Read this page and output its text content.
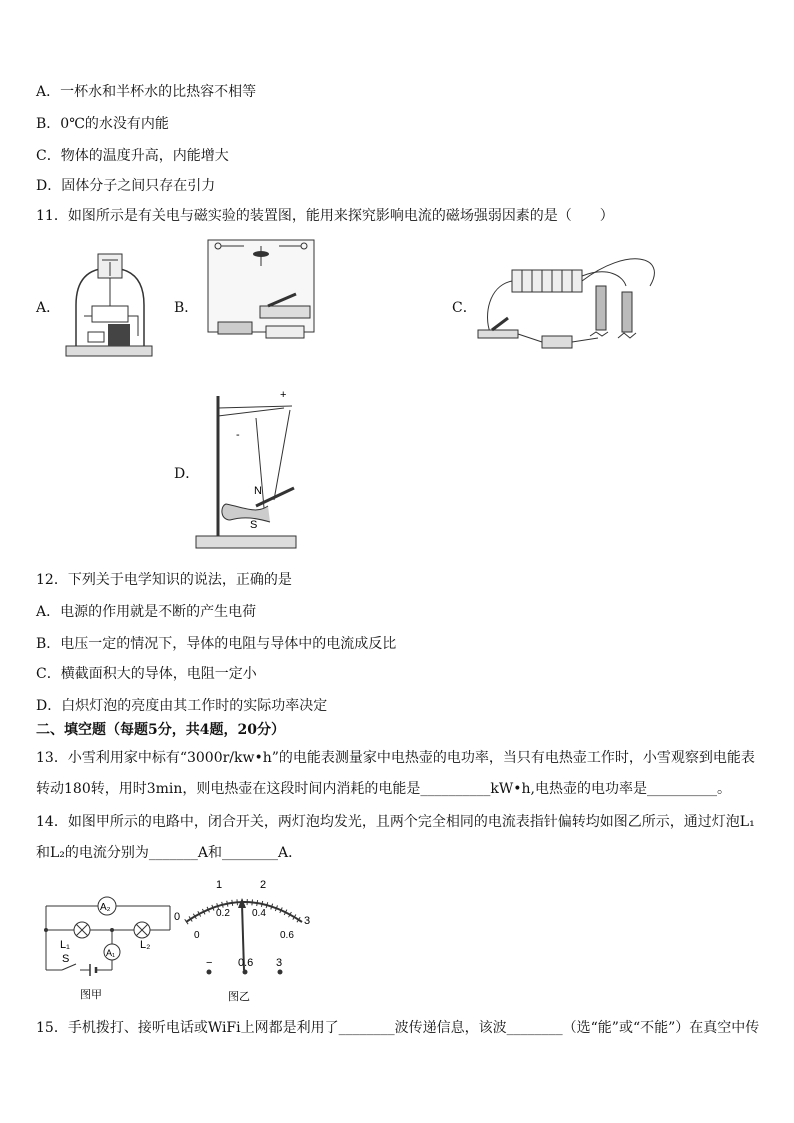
A．一杯水和半杯水的比热容不相等
B．0℃的水没有内能
C．物体的温度升高，内能增大
D．固体分子之间只存在引力
11．如图所示是有关电与磁实验的装置图，能用来探究影响电流的磁场强弱因素的是（　　）
A．	B．	C．
D．
+
-
N
S
12．下列关于电学知识的说法，正确的是
A．电源的作用就是不断的产生电荷
B．电压一定的情况下，导体的电阻与导体中的电流成反比
C．横截面积大的导体，电阻一定小
D．白炽灯泡的亮度由其工作时的实际功率决定
二、填空题（每题5分，共4题，20分）
13．小雪利用家中标有“3000r/kw•h”的电能表测量家中电热壶的电功率，当只有电热壶工作时，小雪观察到电能表
转动180转，用时3min，则电热壶在这段时间内消耗的电能是__________kW•h,电热壶的电功率是__________。
14．如图甲所示的电路中，闭合开关，两灯泡均发光，且两个完全相同的电流表指针偏转均如图乙所示，通过灯泡L₁
和L₂的电流分别为_______A和________A．
A₂
A₁
L₁	L₂
S
图甲
0
1	2
3
0
0.2 0.4
0.6
− 0.6 3
图乙
15．手机拨打、接听电话或WiFi上网都是利用了________波传递信息，该波________（选“能”或“不能”）在真空中传
